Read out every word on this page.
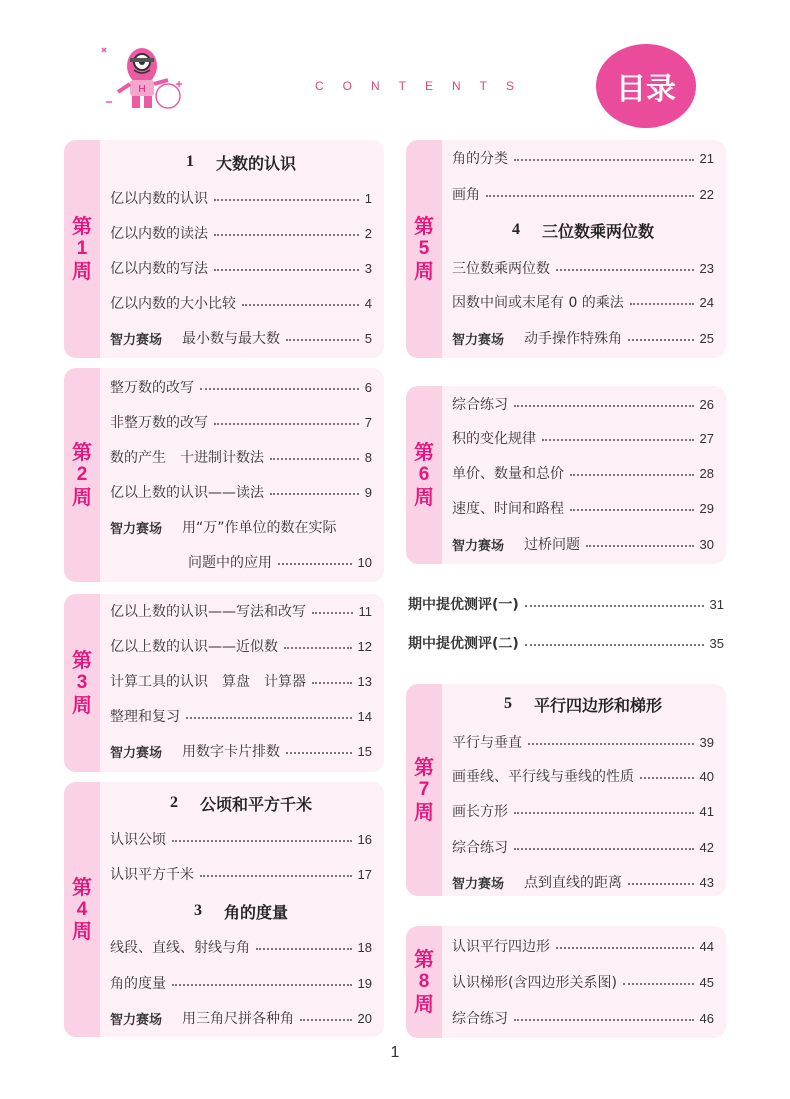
H	CONTENTS	目录
第
1
周
1 大数的认识
亿以内数的认识	1
亿以内数的读法	2
亿以内数的写法	3
亿以内数的大小比较	4
智力赛场 最小数与最大数	5
第
2
周
整万数的改写	6
非整万数的改写	7
数的产生　十进制计数法	8
亿以上数的认识——读法	9
智力赛场 用“万”作单位的数在实际
问题中的应用	10
第
3
周
亿以上数的认识——写法和改写	11
亿以上数的认识——近似数	12
计算工具的认识　算盘　计算器	13
整理和复习	14
智力赛场 用数字卡片排数	15
第
4
周
2 公顷和平方千米
认识公顷	16
认识平方千米	17
3 角的度量
线段、直线、射线与角	18
角的度量	19
智力赛场 用三角尺拼各种角	20
第
5
周
角的分类	21
画角	22
4 三位数乘两位数
三位数乘两位数	23
因数中间或末尾有 0 的乘法	24
智力赛场 动手操作特殊角	25
第
6
周
综合练习	26
积的变化规律	27
单价、数量和总价	28
速度、时间和路程	29
智力赛场 过桥问题	30
第
7
周
5 平行四边形和梯形
平行与垂直	39
画垂线、平行线与垂线的性质	40
画长方形	41
综合练习	42
智力赛场 点到直线的距离	43
第
8
周
认识平行四边形	44
认识梯形(含四边形关系图)	45
综合练习	46
期中提优测评(一)	31
期中提优测评(二)	35
1
